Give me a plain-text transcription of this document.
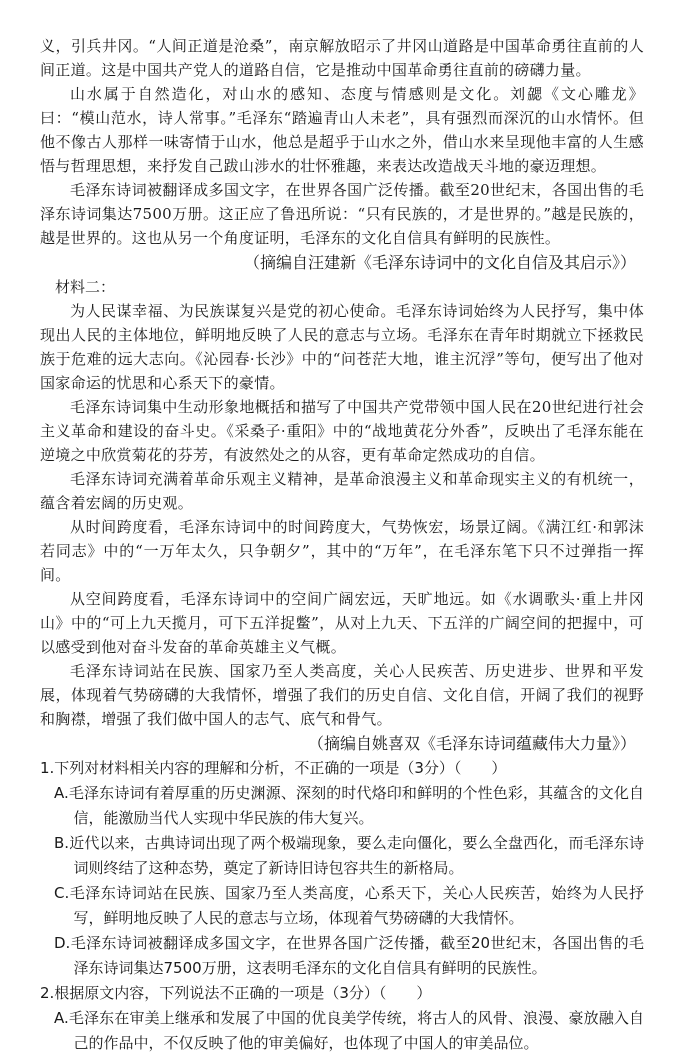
义，引兵井冈。“人间正道是沧桑”，南京解放昭示了井冈山道路是中国革命勇往直前的人间正道。这是中国共产党人的道路自信，它是推动中国革命勇往直前的磅礴力量。

山水属于自然造化，对山水的感知、态度与情感则是文化。刘勰《文心雕龙》曰：“模山范水，诗人常事。”毛泽东“踏遍青山人未老”，具有强烈而深沉的山水情怀。但他不像古人那样一味寄情于山水，他总是超乎于山水之外，借山水来呈现他丰富的人生感悟与哲理思想，来抒发自己跋山涉水的壮怀雅趣，来表达改造战天斗地的豪迈理想。

毛泽东诗词被翻译成多国文字，在世界各国广泛传播。截至20世纪末，各国出售的毛泽东诗词集达7500万册。这正应了鲁迅所说：“只有民族的，才是世界的。”越是民族的，越是世界的。这也从另一个角度证明，毛泽东的文化自信具有鲜明的民族性。

（摘编自汪建新《毛泽东诗词中的文化自信及其启示》）

材料二：

为人民谋幸福、为民族谋复兴是党的初心使命。毛泽东诗词始终为人民抒写，集中体现出人民的主体地位，鲜明地反映了人民的意志与立场。毛泽东在青年时期就立下拯救民族于危难的远大志向。《沁园春·长沙》中的“问苍茫大地，谁主沉浮”等句，便写出了他对国家命运的忧思和心系天下的豪情。

毛泽东诗词集中生动形象地概括和描写了中国共产党带领中国人民在20世纪进行社会主义革命和建设的奋斗史。《采桑子·重阳》中的“战地黄花分外香”，反映出了毛泽东能在逆境之中欣赏菊花的芬芳，有波然处之的从容，更有革命定然成功的自信。

毛泽东诗词充满着革命乐观主义精神，是革命浪漫主义和革命现实主义的有机统一，蕴含着宏阔的历史观。

从时间跨度看，毛泽东诗词中的时间跨度大，气势恢宏，场景辽阔。《满江红·和郭沫若同志》中的“一万年太久，只争朝夕”，其中的“万年”，在毛泽东笔下只不过弹指一挥间。

从空间跨度看，毛泽东诗词中的空间广阔宏远，天旷地远。如《水调歌头·重上井冈山》中的“可上九天揽月，可下五洋捉鳖”，从对上九天、下五洋的广阔空间的把握中，可以感受到他对奋斗发奋的革命英雄主义气概。

毛泽东诗词站在民族、国家乃至人类高度，关心人民疾苦、历史进步、世界和平发展，体现着气势磅礴的大我情怀，增强了我们的历史自信、文化自信，开阔了我们的视野和胸襟，增强了我们做中国人的志气、底气和骨气。

（摘编自姚喜双《毛泽东诗词蕴藏伟大力量》）

1.下列对材料相关内容的理解和分析，不正确的一项是（3分）（　　）

A.毛泽东诗词有着厚重的历史渊源、深刻的时代烙印和鲜明的个性色彩，其蕴含的文化自信，能激励当代人实现中华民族的伟大复兴。

B.近代以来，古典诗词出现了两个极端现象，要么走向僵化，要么全盘西化，而毛泽东诗词则终结了这种态势，奠定了新诗旧诗包容共生的新格局。

C.毛泽东诗词站在民族、国家乃至人类高度，心系天下，关心人民疾苦，始终为人民抒写，鲜明地反映了人民的意志与立场，体现着气势磅礴的大我情怀。

D.毛泽东诗词被翻译成多国文字，在世界各国广泛传播，截至20世纪末，各国出售的毛泽东诗词集达7500万册，这表明毛泽东的文化自信具有鲜明的民族性。

2.根据原文内容，下列说法不正确的一项是（3分）（　　）

A.毛泽东在审美上继承和发展了中国的优良美学传统，将古人的风骨、浪漫、豪放融入自己的作品中，不仅反映了他的审美偏好，也体现了中国人的审美品位。
